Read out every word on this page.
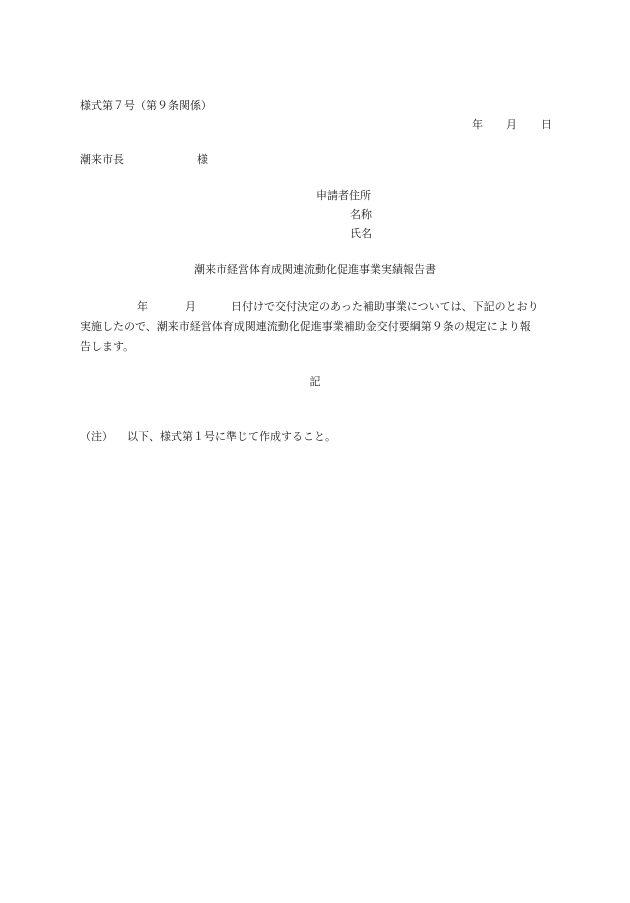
様式第７号（第９条関係）
年 月 日
潮来市長	様
申請者住所
名称
氏名
潮来市経営体育成関連流動化促進事業実績報告書
年	月	日付けで交付決定のあった補助事業については、下記のとおり
実施したので、潮来市経営体育成関連流動化促進事業補助金交付要綱第９条の規定により報
告します。
記
（注） 以下、様式第１号に準じて作成すること。
